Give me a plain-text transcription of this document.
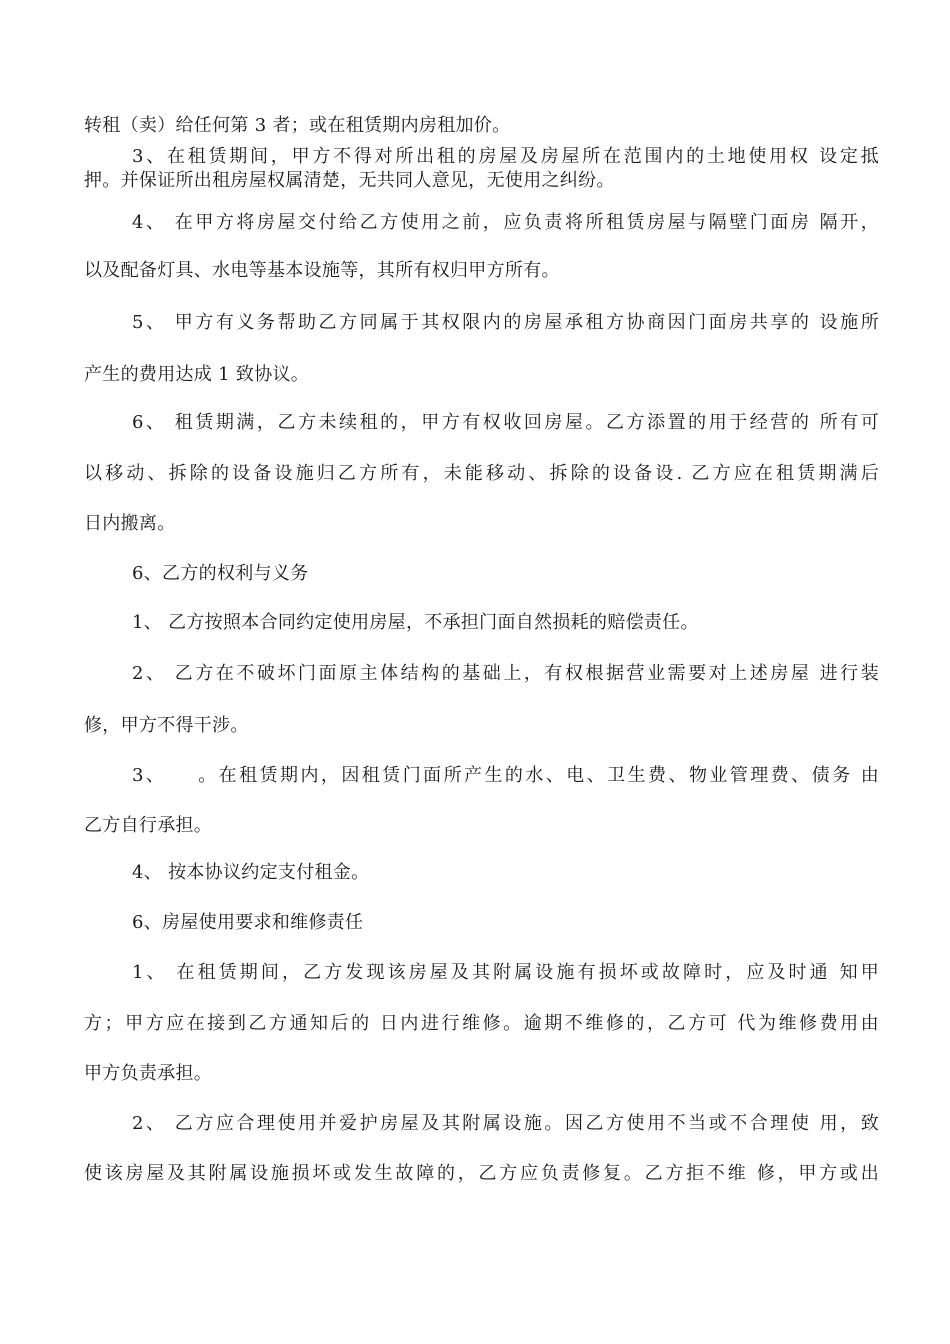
转租（卖）给任何第 3 者；或在租赁期内房租加价。
3、在租赁期间，甲方不得对所出租的房屋及房屋所在范围内的土地使用权 设定抵
押。并保证所出租房屋权属清楚，无共同人意见，无使用之纠纷。
4、 在甲方将房屋交付给乙方使用之前，应负责将所租赁房屋与隔壁门面房 隔开，
以及配备灯具、水电等基本设施等，其所有权归甲方所有。
5、 甲方有义务帮助乙方同属于其权限内的房屋承租方协商因门面房共享的 设施所
产生的费用达成 1 致协议。
6、 租赁期满，乙方未续租的，甲方有权收回房屋。乙方添置的用于经营的 所有可
以移动、拆除的设备设施归乙方所有，未能移动、拆除的设备设. 乙方应在租赁期满后
日内搬离。
6、乙方的权利与义务
1、 乙方按照本合同约定使用房屋，不承担门面自然损耗的赔偿责任。
2、 乙方在不破坏门面原主体结构的基础上，有权根据营业需要对上述房屋 进行装
修，甲方不得干涉。
3、　　。在租赁期内，因租赁门面所产生的水、电、卫生费、物业管理费、债务 由
乙方自行承担。
4、 按本协议约定支付租金。
6、房屋使用要求和维修责任
1、 在租赁期间，乙方发现该房屋及其附属设施有损坏或故障时，应及时通 知甲
方；甲方应在接到乙方通知后的 日内进行维修。逾期不维修的，乙方可 代为维修费用由
甲方负责承担。
2、 乙方应合理使用并爱护房屋及其附属设施。因乙方使用不当或不合理使 用，致
使该房屋及其附属设施损坏或发生故障的，乙方应负责修复。乙方拒不维 修，甲方或出
